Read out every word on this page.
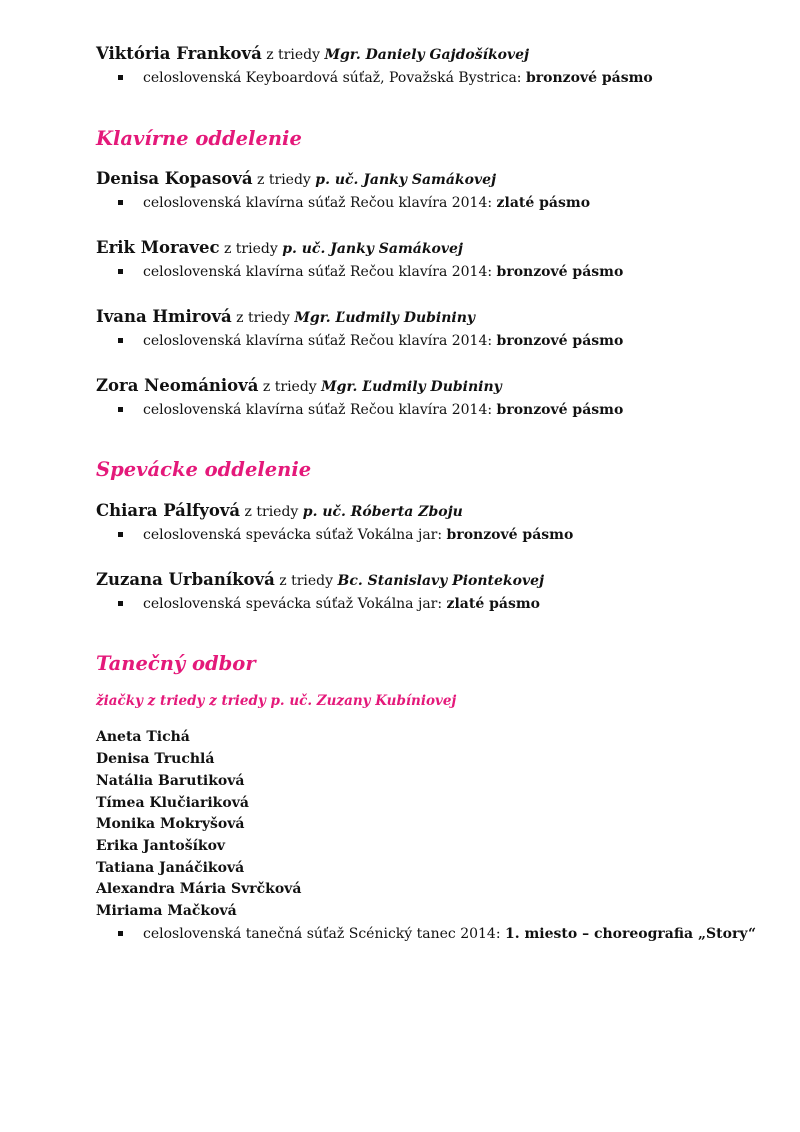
Viktória Franková z triedy Mgr. Daniely Gajdošíkovej
celoslovenská Keyboardová súťaž, Považská Bystrica: bronzové pásmo
Klavírne oddelenie
Denisa Kopasová z triedy p. uč. Janky Samákovej
celoslovenská klavírna súťaž Rečou klavíra 2014: zlaté pásmo
Erik Moravec z triedy p. uč. Janky Samákovej
celoslovenská klavírna súťaž Rečou klavíra 2014: bronzové pásmo
Ivana Hmirová z triedy Mgr. Ľudmily Dubininy
celoslovenská klavírna súťaž Rečou klavíra 2014: bronzové pásmo
Zora Neomániová z triedy Mgr. Ľudmily Dubininy
celoslovenská klavírna súťaž Rečou klavíra 2014: bronzové pásmo
Spevácke oddelenie
Chiara Pálfyová z triedy p. uč. Róberta Zboju
celoslovenská spevácka súťaž Vokálna jar: bronzové pásmo
Zuzana Urbaníková z triedy Bc. Stanislavy Piontekovej
celoslovenská spevácka súťaž Vokálna jar: zlaté pásmo
Tanečný odbor
žiačky z triedy z triedy p. uč. Zuzany Kubíniovej
Aneta Tichá
Denisa Truchlá
Natália Barutiková
Tímea Klučiariková
Monika Mokryšová
Erika Jantošíkov
Tatiana Janáčiková
Alexandra Mária Svrčková
Miriama Mačková
celoslovenská tanečná súťaž Scénický tanec 2014: 1. miesto – choreografia „Story“
